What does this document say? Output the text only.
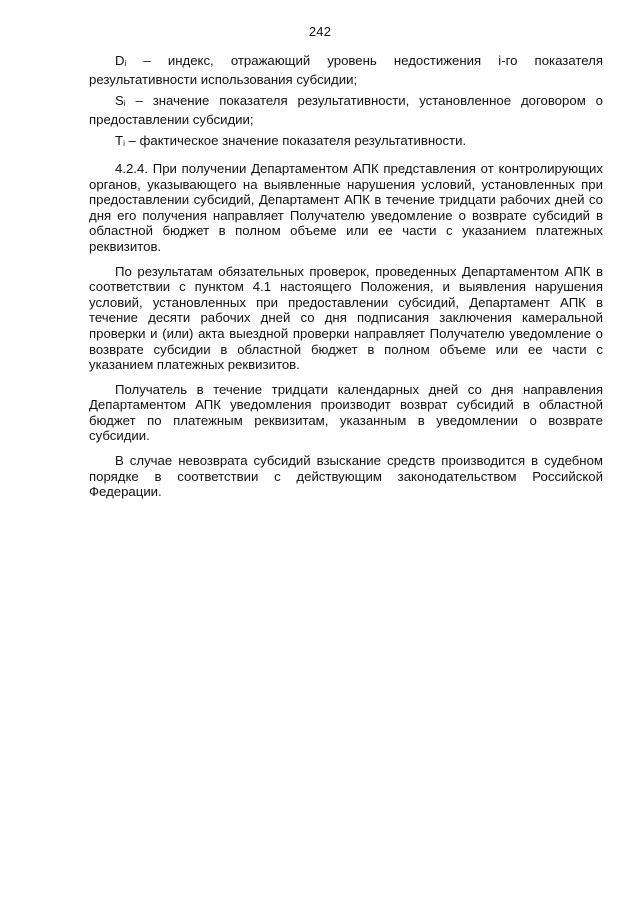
242

Di – индекс, отражающий уровень недостижения i-го показателя результативности использования субсидии;

Si – значение показателя результативности, установленное договором о предоставлении субсидии;

Ti – фактическое значение показателя результативности.

4.2.4. При получении Департаментом АПК представления от контролирующих органов, указывающего на выявленные нарушения условий, установленных при предоставлении субсидий, Департамент АПК в течение тридцати рабочих дней со дня его получения направляет Получателю уведомление о возврате субсидий в областной бюджет в полном объеме или ее части с указанием платежных реквизитов.

По результатам обязательных проверок, проведенных Департаментом АПК в соответствии с пунктом 4.1 настоящего Положения, и выявления нарушения условий, установленных при предоставлении субсидий, Департамент АПК в течение десяти рабочих дней со дня подписания заключения камеральной проверки и (или) акта выездной проверки направляет Получателю уведомление о возврате субсидии в областной бюджет в полном объеме или ее части с указанием платежных реквизитов.

Получатель в течение тридцати календарных дней со дня направления Департаментом АПК уведомления производит возврат субсидий в областной бюджет по платежным реквизитам, указанным в уведомлении о возврате субсидии.

В случае невозврата субсидий взыскание средств производится в судебном порядке в соответствии с действующим законодательством Российской Федерации.
